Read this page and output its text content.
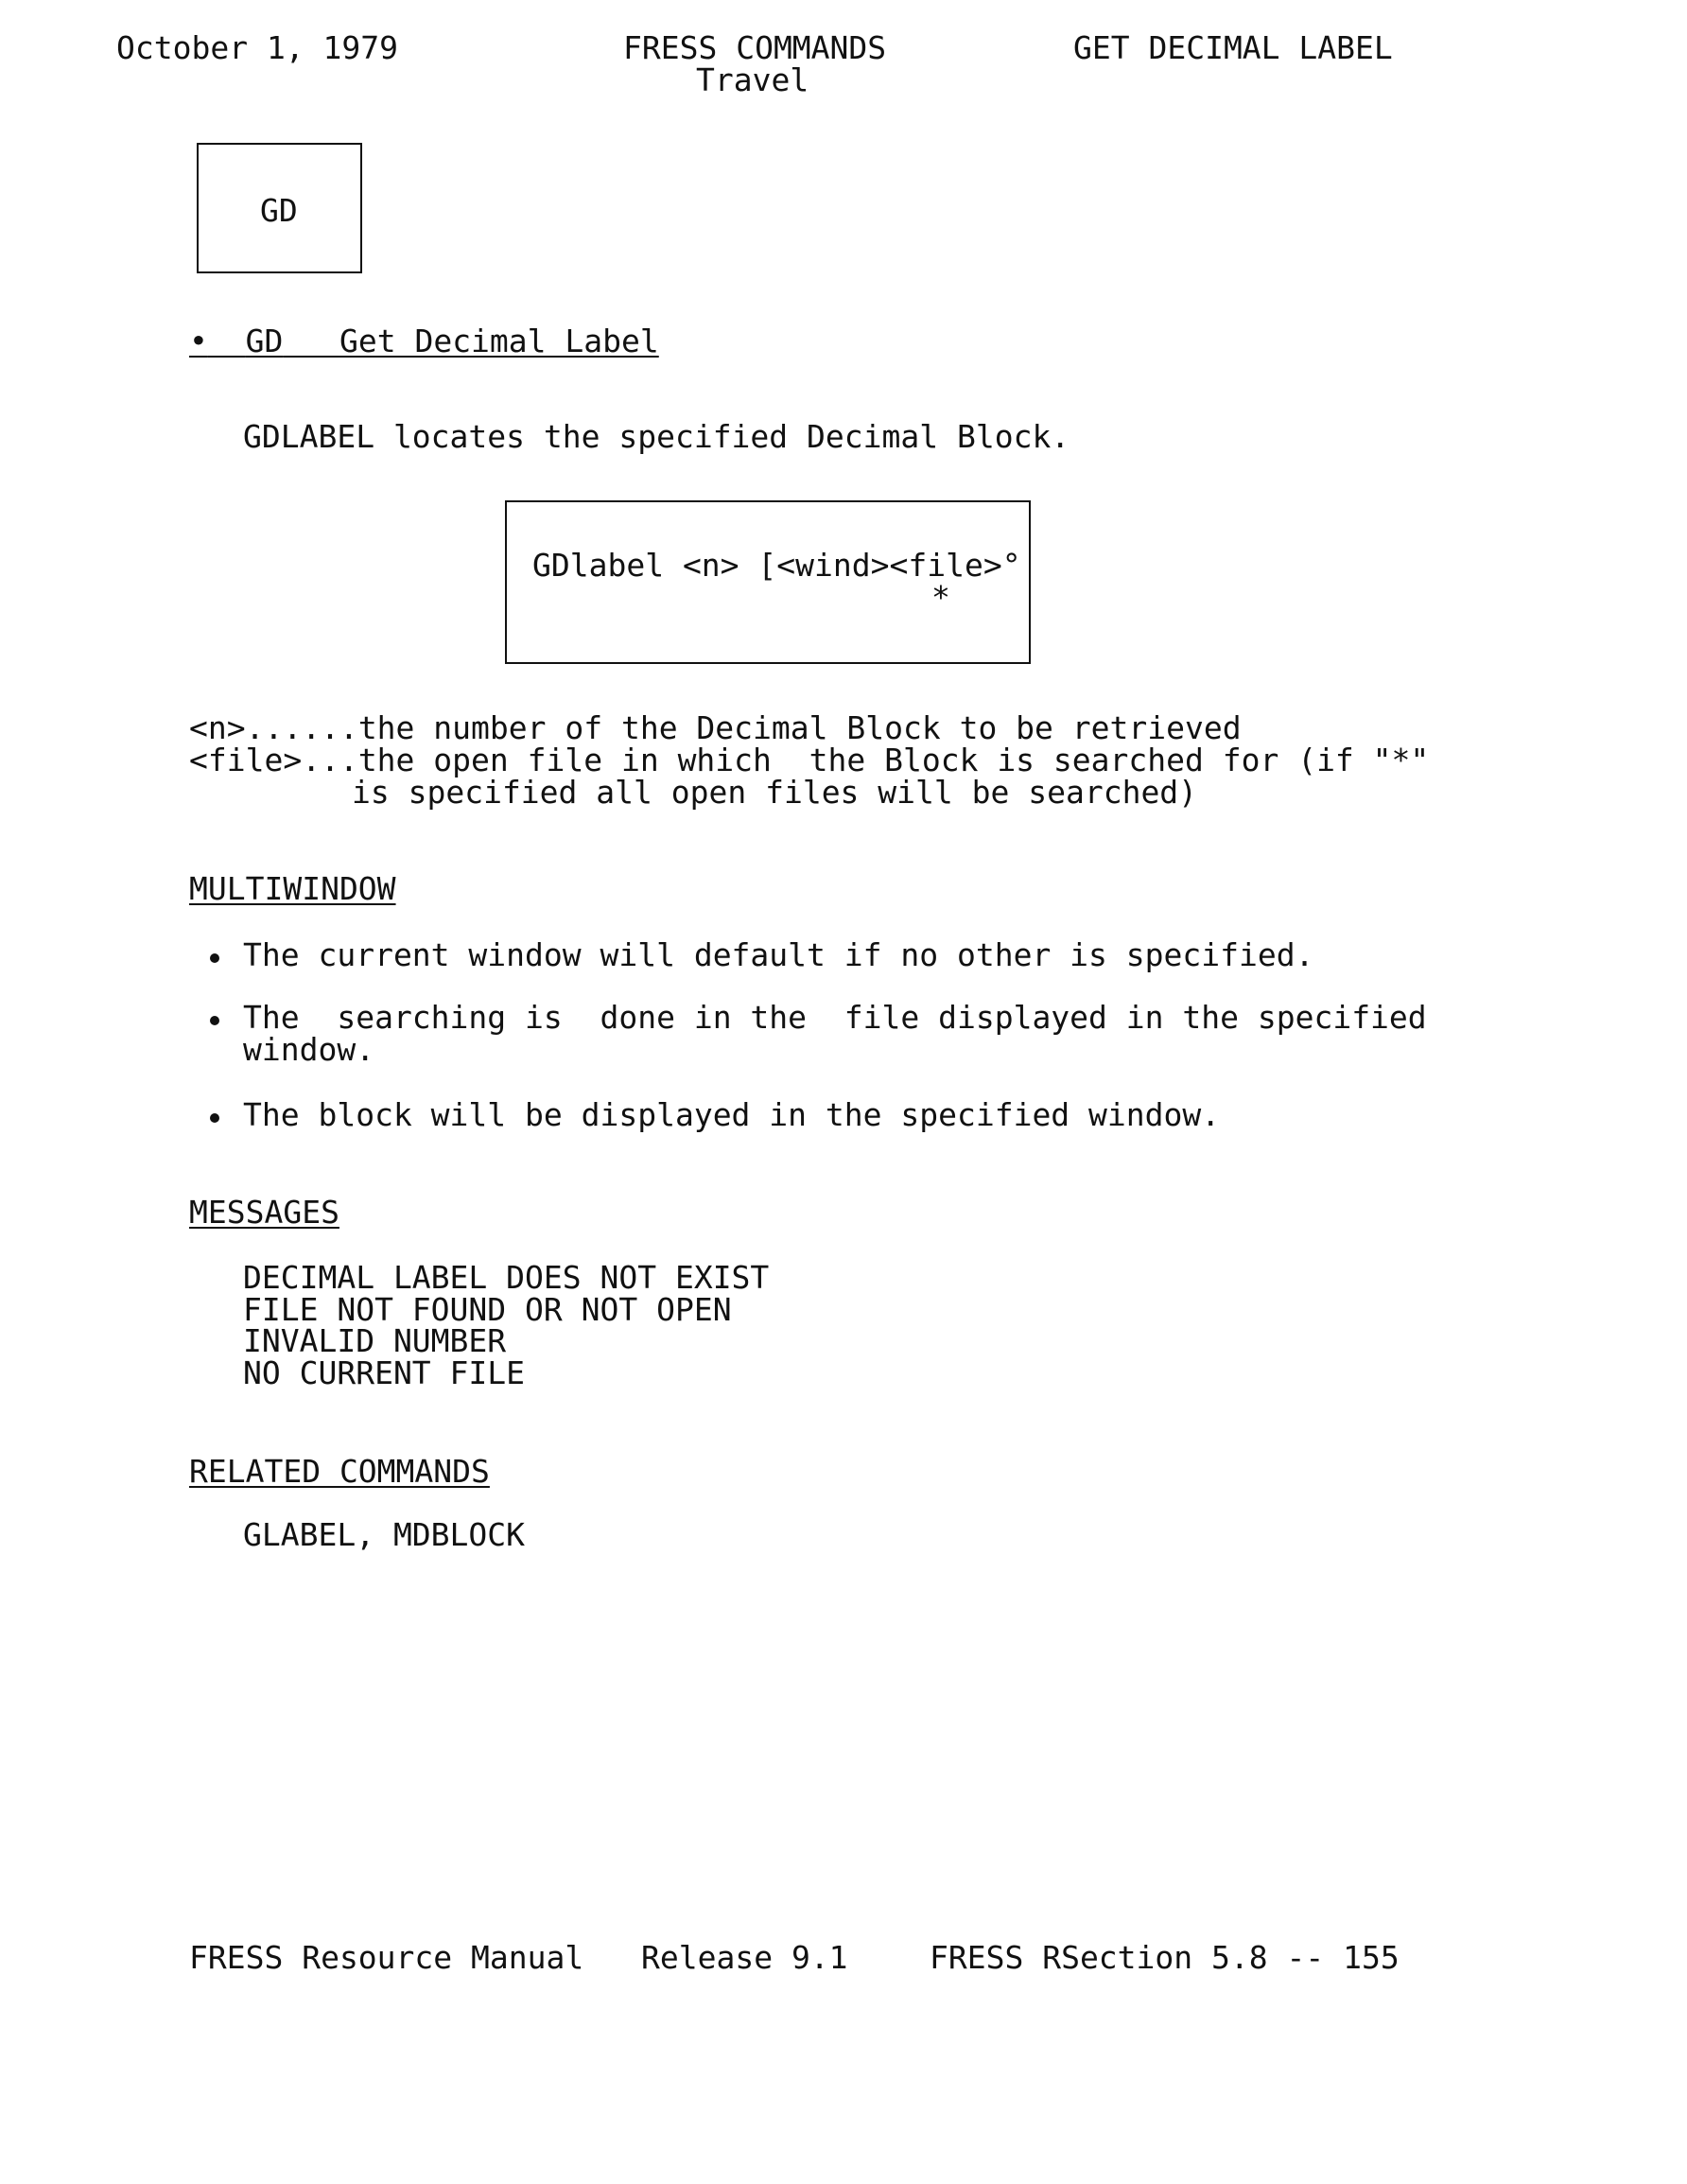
October 1, 1979	FRESS COMMANDS
Travel
GET DECIMAL LABEL
GD
• GD Get Decimal Label
GDLABEL locates the specified Decimal Block.
GDlabel <n> [<wind><file>°
*
<n>......the number of the Decimal Block to be retrieved
<file>...the open file in which  the Block is searched for (if "*"
is specified all open files will be searched)
MULTIWINDOW
The current window will default if no other is specified.
The  searching is  done in the  file displayed in the specified
window.
The block will be displayed in the specified window.
MESSAGES
DECIMAL LABEL DOES NOT EXIST
FILE NOT FOUND OR NOT OPEN
INVALID NUMBER
NO CURRENT FILE
RELATED COMMANDS
GLABEL, MDBLOCK
FRESS Resource Manual Release 9.1	FRESS RSection 5.8 -- 155
